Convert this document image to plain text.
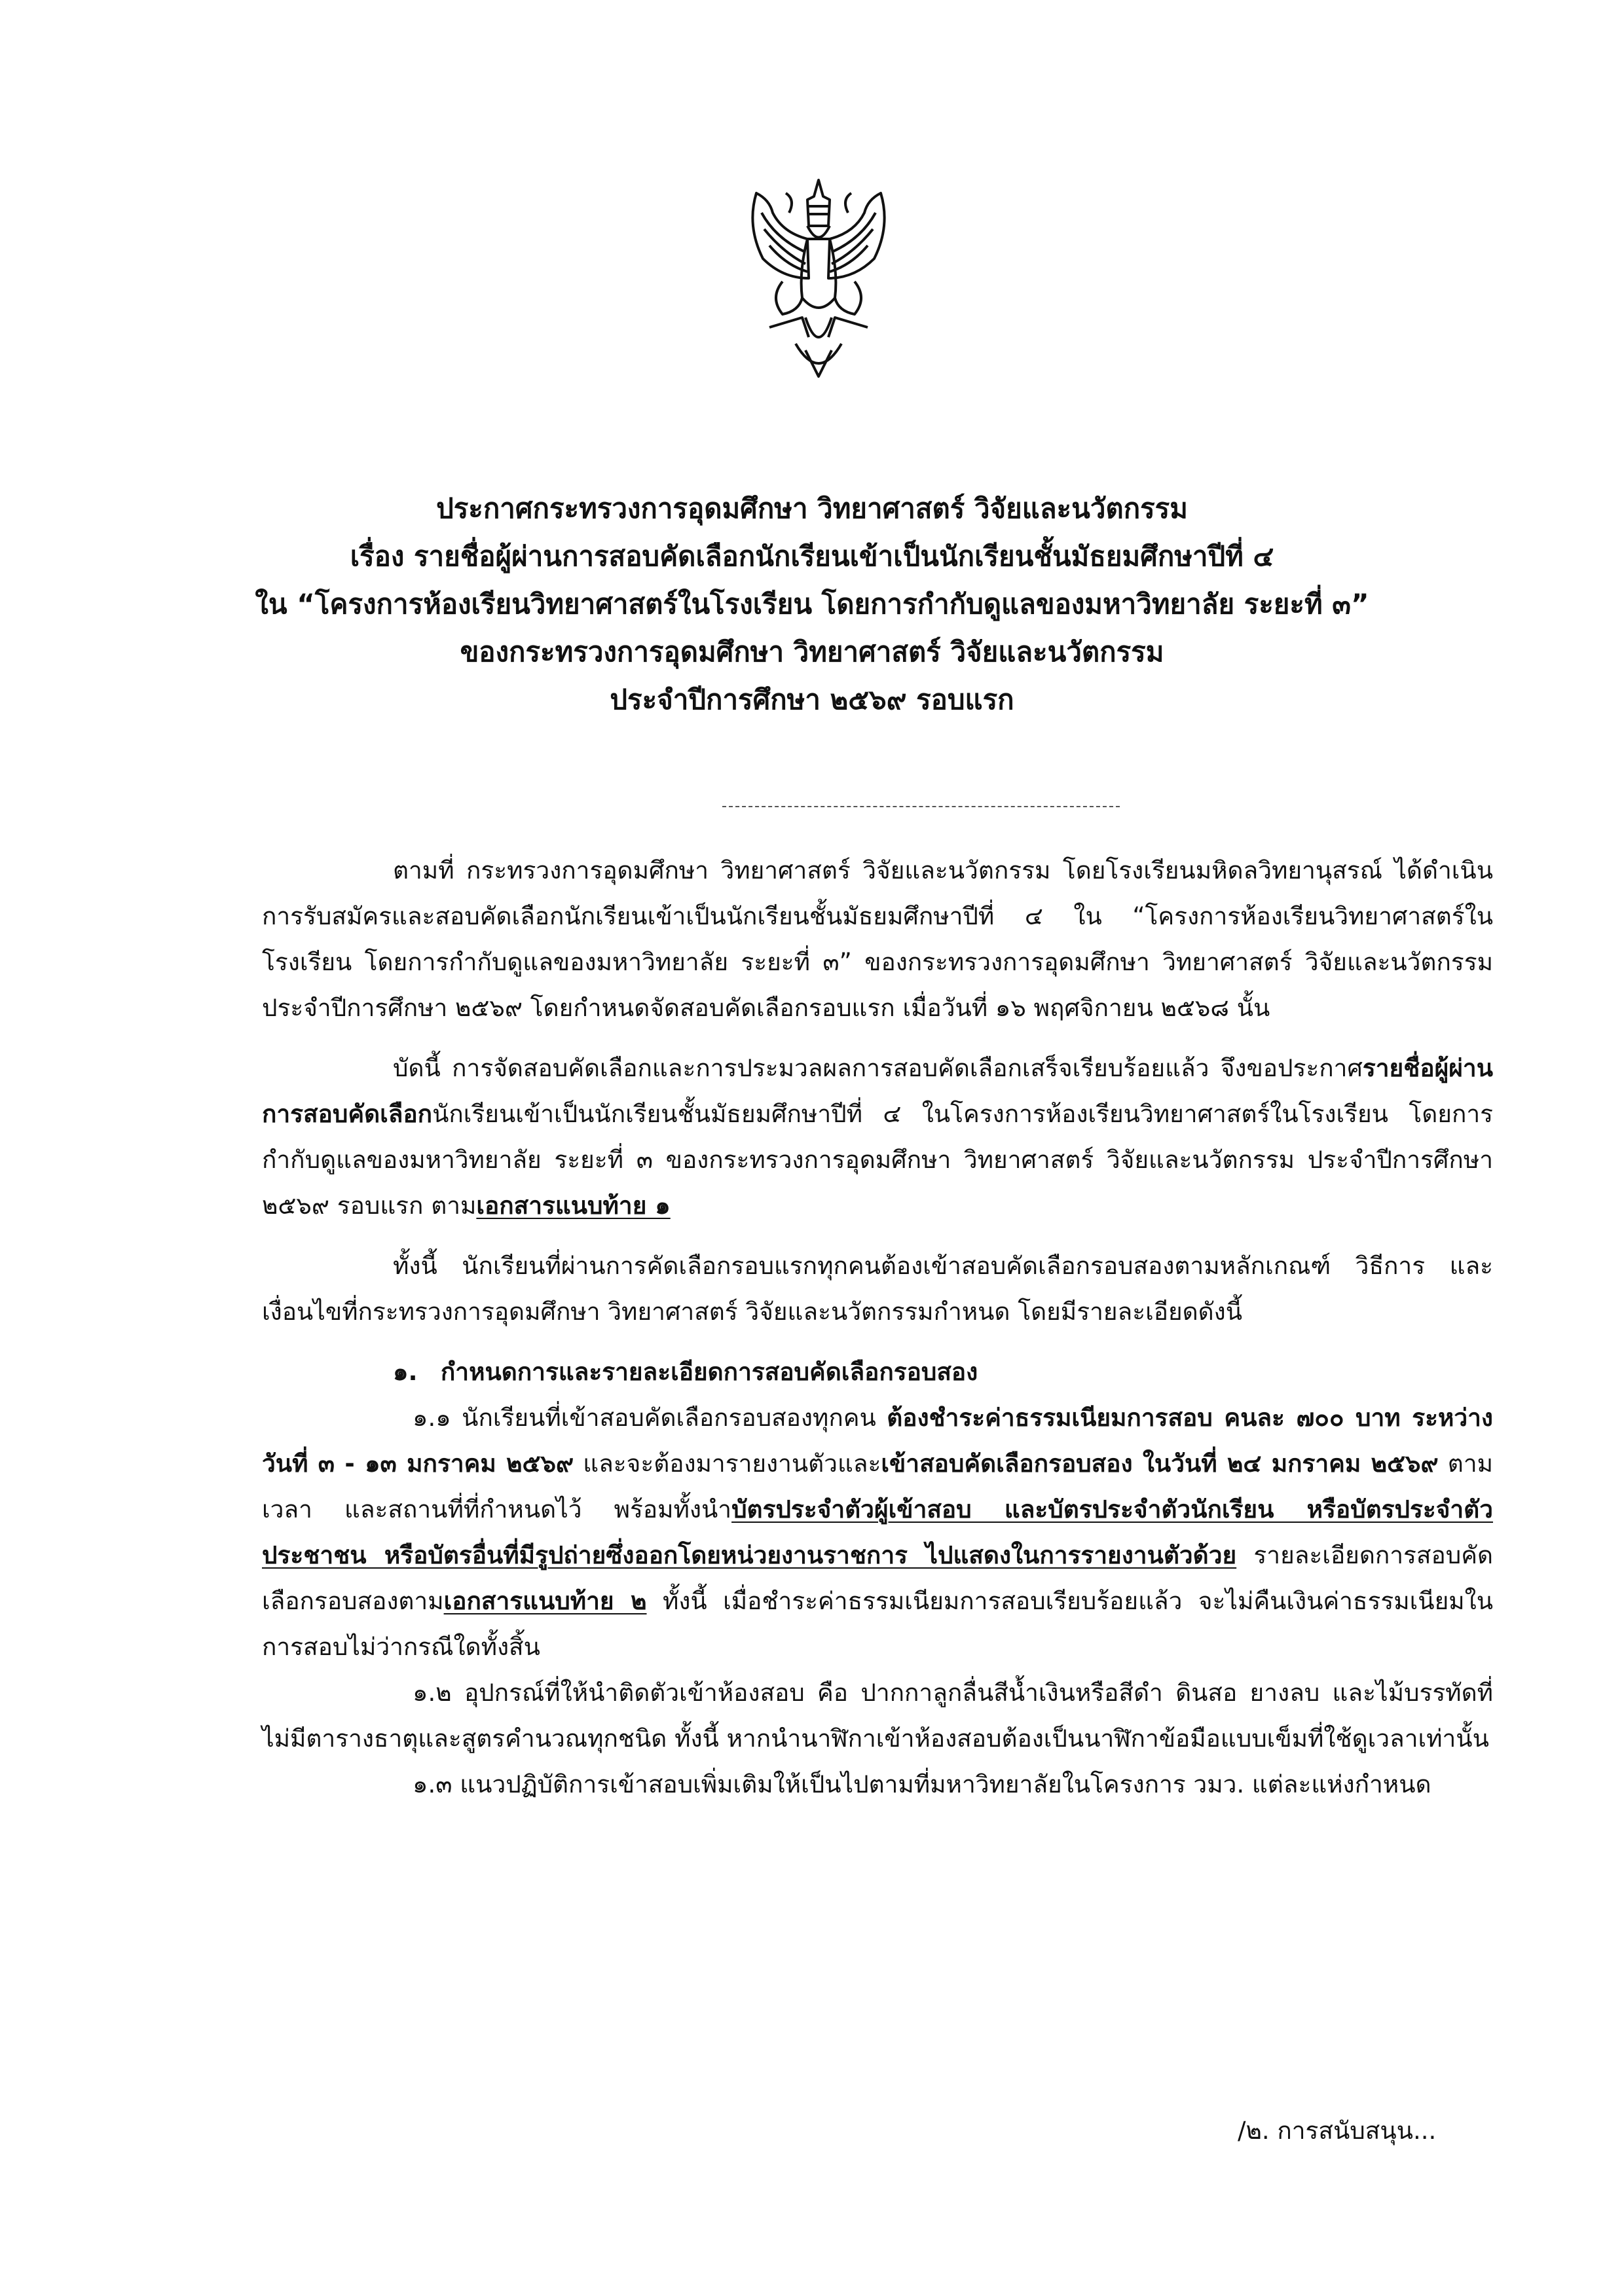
ประกาศกระทรวงการอุดมศึกษา วิทยาศาสตร์ วิจัยและนวัตกรรม
เรื่อง รายชื่อผู้ผ่านการสอบคัดเลือกนักเรียนเข้าเป็นนักเรียนชั้นมัธยมศึกษาปีที่ ๔
ใน “โครงการห้องเรียนวิทยาศาสตร์ในโรงเรียน โดยการกำกับดูแลของมหาวิทยาลัย ระยะที่ ๓”
ของกระทรวงการอุดมศึกษา วิทยาศาสตร์ วิจัยและนวัตกรรม
ประจำปีการศึกษา ๒๕๖๙ รอบแรก

ตามที่ กระทรวงการอุดมศึกษา วิทยาศาสตร์ วิจัยและนวัตกรรม โดยโรงเรียนมหิดลวิทยานุสรณ์ ได้ดำเนินการรับสมัครและสอบคัดเลือกนักเรียนเข้าเป็นนักเรียนชั้นมัธยมศึกษาปีที่ ๔ ใน “โครงการห้องเรียนวิทยาศาสตร์ในโรงเรียน โดยการกำกับดูแลของมหาวิทยาลัย ระยะที่ ๓” ของกระทรวงการอุดมศึกษา วิทยาศาสตร์ วิจัยและนวัตกรรม ประจำปีการศึกษา ๒๕๖๙ โดยกำหนดจัดสอบคัดเลือกรอบแรก เมื่อวันที่ ๑๖ พฤศจิกายน ๒๕๖๘ นั้น

บัดนี้ การจัดสอบคัดเลือกและการประมวลผลการสอบคัดเลือกเสร็จเรียบร้อยแล้ว จึงขอประกาศรายชื่อผู้ผ่านการสอบคัดเลือกนักเรียนเข้าเป็นนักเรียนชั้นมัธยมศึกษาปีที่ ๔ ในโครงการห้องเรียนวิทยาศาสตร์ในโรงเรียน โดยการกำกับดูแลของมหาวิทยาลัย ระยะที่ ๓ ของกระทรวงการอุดมศึกษา วิทยาศาสตร์ วิจัยและนวัตกรรม ประจำปีการศึกษา ๒๕๖๙ รอบแรก ตามเอกสารแนบท้าย ๑

ทั้งนี้ นักเรียนที่ผ่านการคัดเลือกรอบแรกทุกคนต้องเข้าสอบคัดเลือกรอบสองตามหลักเกณฑ์ วิธีการ และเงื่อนไขที่กระทรวงการอุดมศึกษา วิทยาศาสตร์ วิจัยและนวัตกรรมกำหนด โดยมีรายละเอียดดังนี้

๑. กำหนดการและรายละเอียดการสอบคัดเลือกรอบสอง

๑.๑ นักเรียนที่เข้าสอบคัดเลือกรอบสองทุกคน ต้องชำระค่าธรรมเนียมการสอบ คนละ ๗๐๐ บาท ระหว่างวันที่ ๓ - ๑๓ มกราคม ๒๕๖๙ และจะต้องมารายงานตัวและเข้าสอบคัดเลือกรอบสอง ในวันที่ ๒๔ มกราคม ๒๕๖๙ ตามเวลา และสถานที่ที่กำหนดไว้ พร้อมทั้งนำบัตรประจำตัวผู้เข้าสอบ และบัตรประจำตัวนักเรียน หรือบัตรประจำตัวประชาชน หรือบัตรอื่นที่มีรูปถ่ายซึ่งออกโดยหน่วยงานราชการ ไปแสดงในการรายงานตัวด้วย รายละเอียดการสอบคัดเลือกรอบสองตามเอกสารแนบท้าย ๒ ทั้งนี้ เมื่อชำระค่าธรรมเนียมการสอบเรียบร้อยแล้ว จะไม่คืนเงินค่าธรรมเนียมในการสอบไม่ว่ากรณีใดทั้งสิ้น

๑.๒ อุปกรณ์ที่ให้นำติดตัวเข้าห้องสอบ คือ ปากกาลูกลื่นสีน้ำเงินหรือสีดำ ดินสอ ยางลบ และไม้บรรทัดที่ไม่มีตารางธาตุและสูตรคำนวณทุกชนิด ทั้งนี้ หากนำนาฬิกาเข้าห้องสอบต้องเป็นนาฬิกาข้อมือแบบเข็มที่ใช้ดูเวลาเท่านั้น

๑.๓ แนวปฏิบัติการเข้าสอบเพิ่มเติมให้เป็นไปตามที่มหาวิทยาลัยในโครงการ วมว. แต่ละแห่งกำหนด

/๒. การสนับสนุน...
